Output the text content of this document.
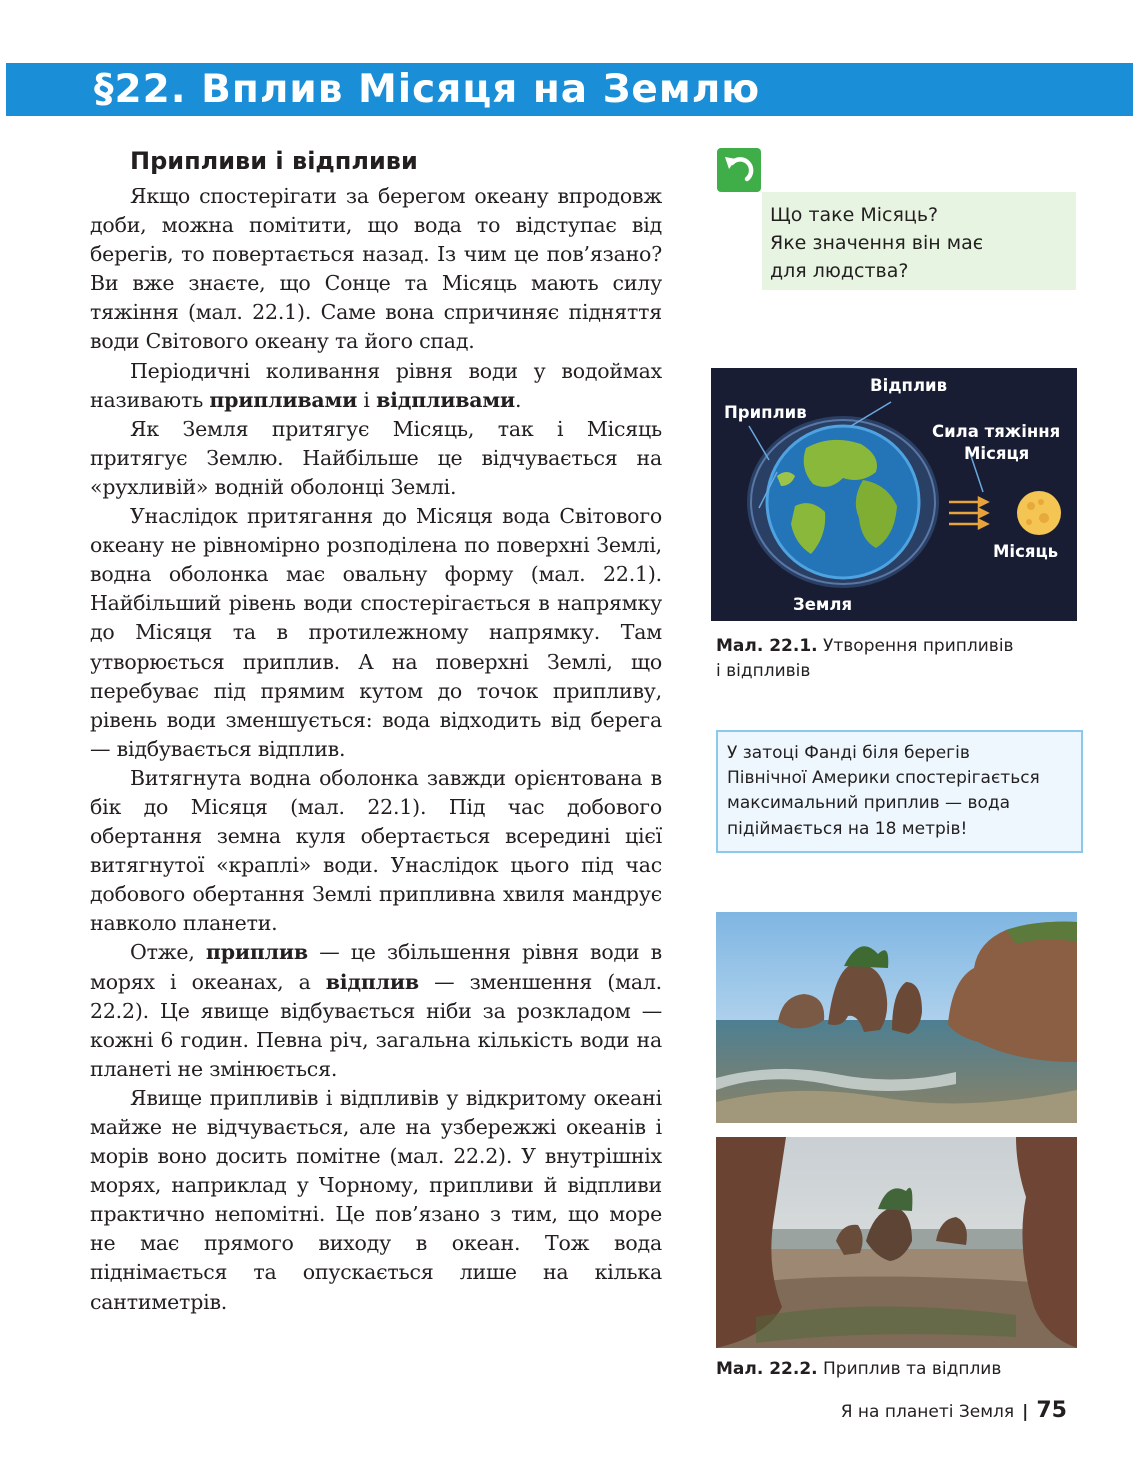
§22. Вплив Місяця на Землю
Припливи і відпливи

Якщо спостерігати за берегом океану впродовж доби, можна помітити, що вода то відступає від берегів, то повертається назад. Із чим це пов’язано? Ви вже знаєте, що Сонце та Місяць мають силу тяжіння (мал. 22.1). Саме вона спричиняє підняття води Світового океану та його спад.

Періодичні коливання рівня води у водоймах називають припливами і відпливами.

Як Земля притягує Місяць, так і Місяць притягує Землю. Найбільше це відчувається на «рухливій» водній оболонці Землі.

Унаслідок притягання до Місяця вода Світового океану не рівномірно розподілена по поверхні Землі, водна оболонка має овальну форму (мал. 22.1). Найбільший рівень води спостерігається в напрямку до Місяця та в протилежному напрямку. Там утворюється приплив. А на поверхні Землі, що перебуває під прямим кутом до точок припливу, рівень води зменшується: вода відходить від берега — відбувається відплив.

Витягнута водна оболонка завжди орієнтована в бік до Місяця (мал. 22.1). Під час добового обертання земна куля обертається всередині цієї витягнутої «краплі» води. Унаслідок цього під час добового обертання Землі припливна хвиля мандрує навколо планети.

Отже, приплив — це збільшення рівня води в морях і океанах, а відплив — зменшення (мал. 22.2). Це явище відбувається ніби за розкладом — кожні 6 годин. Певна річ, загальна кількість води на планеті не змінюється.

Явище припливів і відпливів у відкритому океані майже не відчувається, але на узбережжі океанів і морів воно досить помітне (мал. 22.2). У внутрішніх морях, наприклад у Чорному, припливи й відпливи практично непомітні. Це пов’язано з тим, що море не має прямого виходу в океан. Тож вода піднімається та опускається лише на кілька сантиметрів.

Що таке Місяць?
Яке значення він має
для людства?
Відплив
Приплив
Сила тяжіння
Місяця
Місяць
Земля
Мал. 22.1. Утворення припливів
і відпливів
У затоці Фанді біля берегів
Північної Америки спостерігається
максимальний приплив — вода
підіймається на 18 метрів!
Мал. 22.2. Приплив та відплив
Я на планеті Земля | 75
